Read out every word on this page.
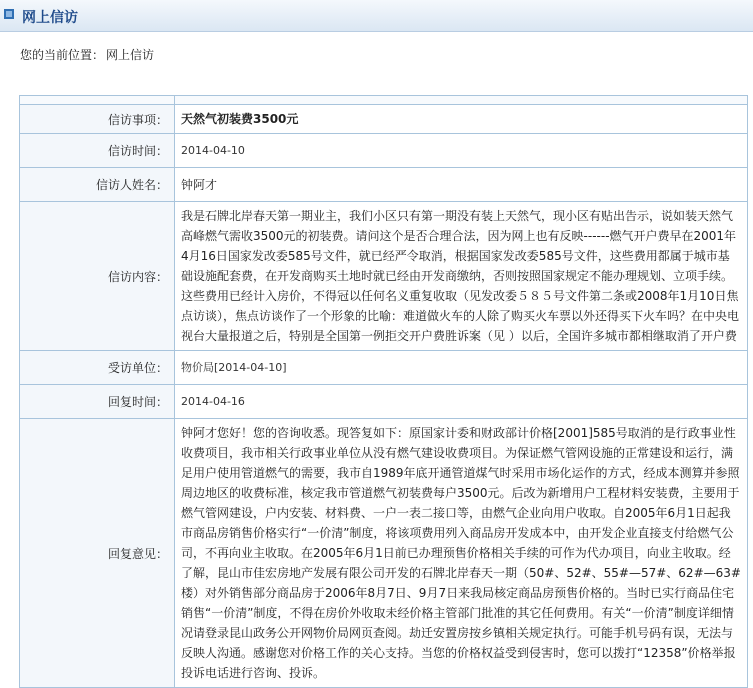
网上信访
您的当前位置： 网上信访

信访事项：	天然气初装费3500元
信访时间：	2014-04-10
信访人姓名：	钟阿才
信访内容：	我是石牌北岸春天第一期业主，我们小区只有第一期没有装上天然气，现小区有贴出告示，说如装天然气高峰燃气需收3500元的初装费。请问这个是否合理合法，因为网上也有反映------燃气开户费早在2001年4月16日国家发改委585号文件，就已经严令取消，根据国家发改委585号文件，这些费用都属于城市基础设施配套费，在开发商购买土地时就已经由开发商缴纳，否则按照国家规定不能办理规划、立项手续。这些费用已经计入房价，不得冠以任何名义重复收取（见发改委５８５号文件第二条或2008年1月10日焦点访谈），焦点访谈作了一个形象的比喻：难道做火车的人除了购买火车票以外还得买下火车吗？在中央电视台大量报道之后，特别是全国第一例拒交开户费胜诉案（见 ）以后，全国许多城市都相继取消了开户费
受访单位：	物价局[2014-04-10]
回复时间：	2014-04-16
回复意见：	钟阿才您好！您的咨询收悉。现答复如下：原国家计委和财政部计价格[2001]585号取消的是行政事业性收费项目，我市相关行政事业单位从没有燃气建设收费项目。为保证燃气管网设施的正常建设和运行，满足用户使用管道燃气的需要，我市自1989年底开通管道煤气时采用市场化运作的方式，经成本测算并参照周边地区的收费标准，核定我市管道燃气初装费每户3500元。后改为新增用户工程材料安装费，主要用于燃气管网建设，户内安装、材料费、一户一表二接口等，由燃气企业向用户收取。自2005年6月1日起我市商品房销售价格实行“一价清”制度，将该项费用列入商品房开发成本中，由开发企业直接支付给燃气公司，不再向业主收取。在2005年6月1日前已办理预售价格相关手续的可作为代办项目，向业主收取。经了解，昆山市佳宏房地产发展有限公司开发的石牌北岸春天一期（50#、52#、55#—57#、62#—63#楼）对外销售部分商品房于2006年8月7日、9月7日来我局核定商品房预售价格的。当时已实行商品住宅销售“一价清”制度，不得在房价外收取未经价格主管部门批准的其它任何费用。有关“一价清”制度详细情况请登录昆山政务公开网物价局网页查阅。劫迁安置房按乡镇相关规定执行。可能手机号码有误，无法与反映人沟通。感谢您对价格工作的关心支持。当您的价格权益受到侵害时，您可以拨打“12358”价格举报投诉电话进行咨询、投诉。
